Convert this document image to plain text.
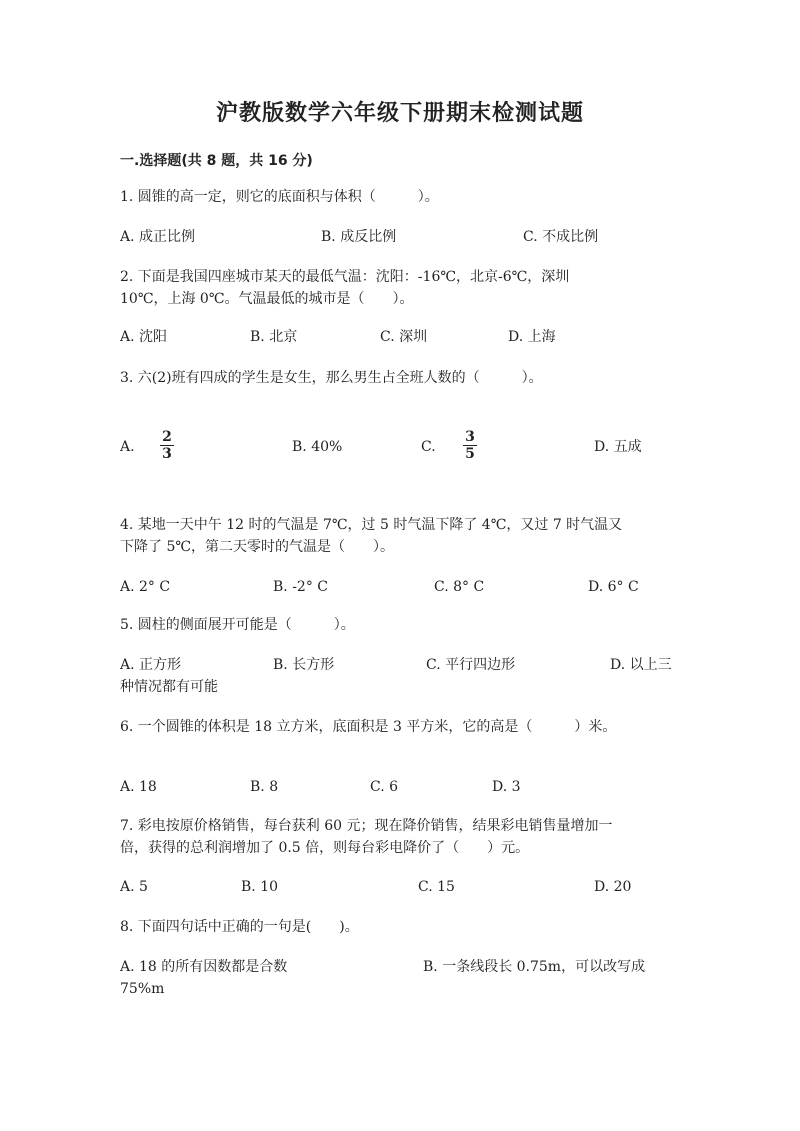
沪教版数学六年级下册期末检测试题
一.选择题(共 8 题，共 16 分)
1. 圆锥的高一定，则它的底面积与体积（　　　）。
A. 成正比例	B. 成反比例	C. 不成比例
2. 下面是我国四座城市某天的最低气温：沈阳：-16℃，北京-6℃，深圳
10℃，上海 0℃。气温最低的城市是（　　）。
A. 沈阳	B. 北京	C. 深圳	D. 上海
3. 六(2)班有四成的学生是女生，那么男生占全班人数的（　　　）。
A.
2
3	B. 40%	C.
3
5	D. 五成
4. 某地一天中午 12 时的气温是 7℃，过 5 时气温下降了 4℃，又过 7 时气温又
下降了 5℃，第二天零时的气温是（　　）。
A. 2° C	B. -2° C	C. 8° C	D. 6° C
5. 圆柱的侧面展开可能是（　　　）。
A. 正方形	B. 长方形	C. 平行四边形	D. 以上三
种情况都有可能
6. 一个圆锥的体积是 18 立方米，底面积是 3 平方米，它的高是（　　　）米。
A. 18	B. 8	C. 6	D. 3
7. 彩电按原价格销售，每台获利 60 元；现在降价销售，结果彩电销售量增加一
倍，获得的总利润增加了 0.5 倍，则每台彩电降价了（　　）元。
A. 5	B. 10	C. 15	D. 20
8. 下面四句话中正确的一句是(　　)。
A. 18 的所有因数都是合数	B. 一条线段长 0.75m，可以改写成
75%m
